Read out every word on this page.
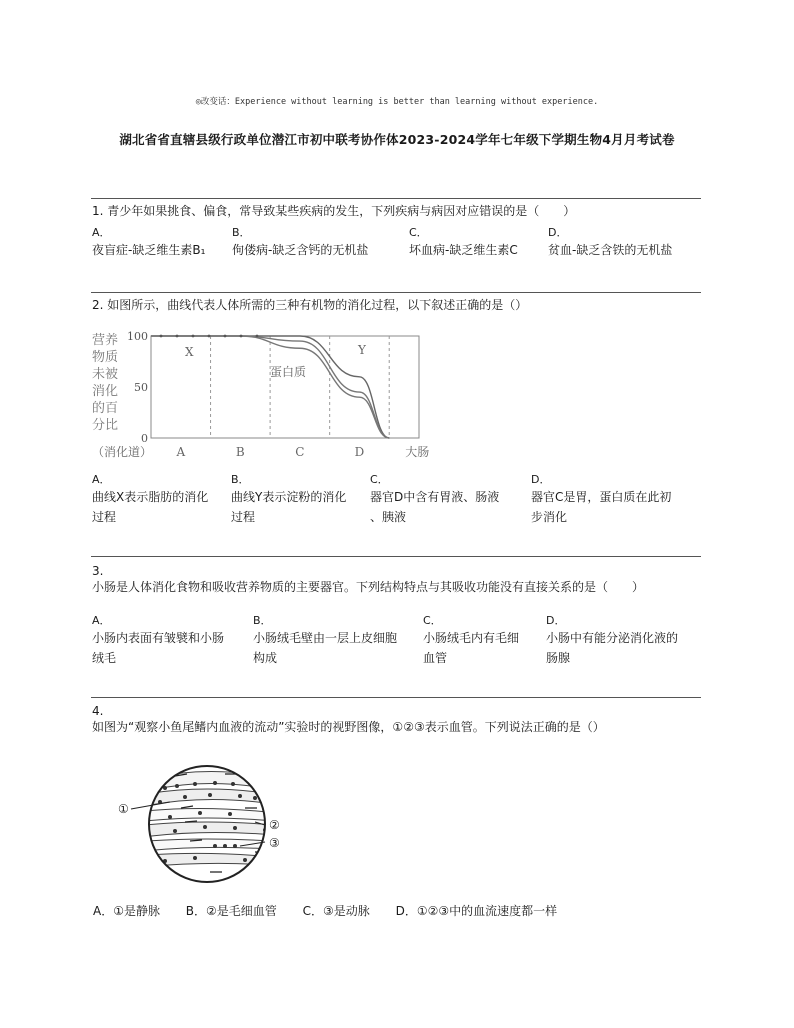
◎改变话：Experience without learning is better than learning without experience.
湖北省省直辖县级行政单位潜江市初中联考协作体2023-2024学年七年级下学期生物4月月考试卷
1. 青少年如果挑食、偏食，常导致某些疾病的发生，下列疾病与病因对应错误的是（　　）
A．
夜盲症-缺乏维生素B₁
B．
佝偻病-缺乏含钙的无机盐
C．
坏血病-缺乏维生素C
D．
贫血-缺乏含铁的无机盐
2. 如图所示，曲线代表人体所需的三种有机物的消化过程，以下叙述正确的是（）
营养
物质
未被
消化
的百
分比
100
50
0
X	Y
蛋白质
A	B	C	D	大肠
（消化道）
A．
曲线X表示脂肪的消化
过程
B．
曲线Y表示淀粉的消化
过程
C．
器官D中含有胃液、肠液
、胰液
D．
器官C是胃，蛋白质在此初
步消化
3.
小肠是人体消化食物和吸收营养物质的主要器官。下列结构特点与其吸收功能没有直接关系的是（　　）
A．
小肠内表面有皱襞和小肠
绒毛
B．
小肠绒毛壁由一层上皮细胞
构成
C．
小肠绒毛内有毛细
血管
D．
小肠中有能分泌消化液的
肠腺
4.
如图为“观察小鱼尾鳍内血液的流动”实验时的视野图像，①②③表示血管。下列说法正确的是（）
①
②
③
A．①是静脉 B．②是毛细血管 C．③是动脉 D．①②③中的血流速度都一样
